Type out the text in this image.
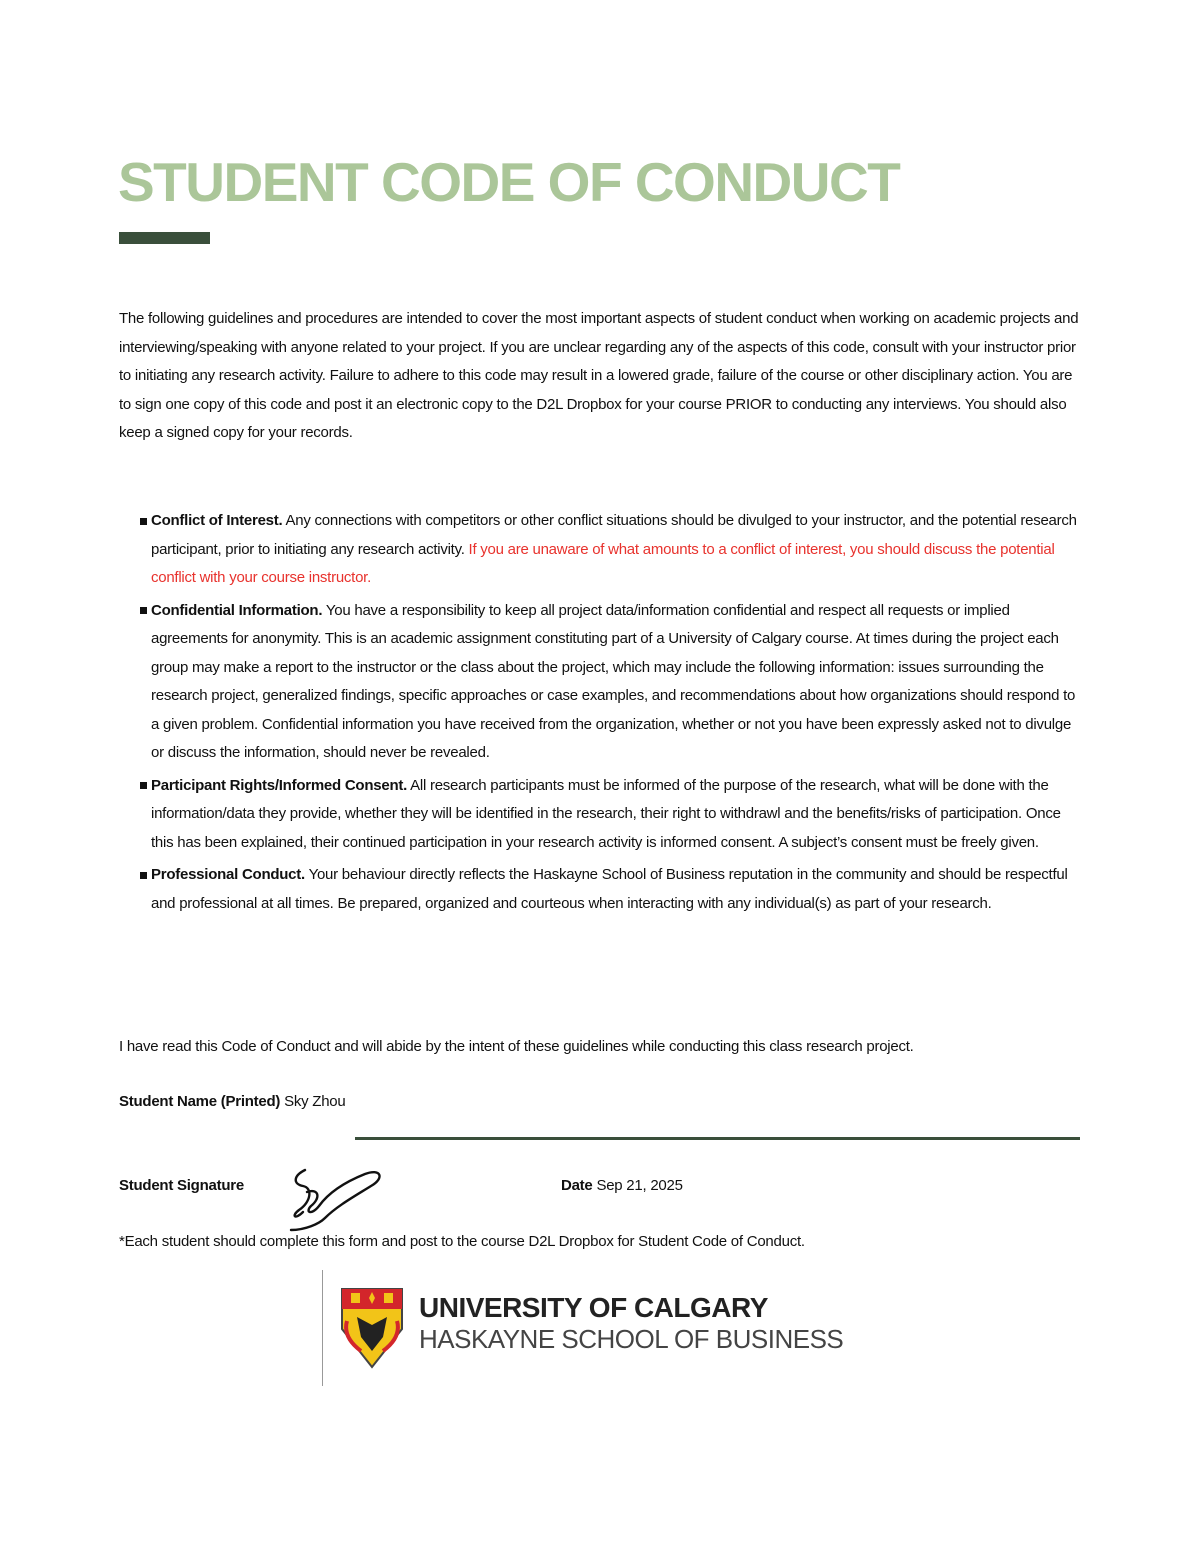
STUDENT CODE OF CONDUCT

The following guidelines and procedures are intended to cover the most important aspects of student conduct when working on academic projects and interviewing/speaking with anyone related to your project. If you are unclear regarding any of the aspects of this code, consult with your instructor prior to initiating any research activity. Failure to adhere to this code may result in a lowered grade, failure of the course or other disciplinary action. You are to sign one copy of this code and post it an electronic copy to the D2L Dropbox for your course PRIOR to conducting any interviews. You should also keep a signed copy for your records.

Conflict of Interest. Any connections with competitors or other conflict situations should be divulged to your instructor, and the potential research participant, prior to initiating any research activity. If you are unaware of what amounts to a conflict of interest, you should discuss the potential conflict with your course instructor.
Confidential Information. You have a responsibility to keep all project data/information confidential and respect all requests or implied agreements for anonymity. This is an academic assignment constituting part of a University of Calgary course. At times during the project each group may make a report to the instructor or the class about the project, which may include the following information: issues surrounding the research project, generalized findings, specific approaches or case examples, and recommendations about how organizations should respond to a given problem. Confidential information you have received from the organization, whether or not you have been expressly asked not to divulge or discuss the information, should never be revealed.
Participant Rights/Informed Consent. All research participants must be informed of the purpose of the research, what will be done with the information/data they provide, whether they will be identified in the research, their right to withdrawl and the benefits/risks of participation. Once this has been explained, their continued participation in your research activity is informed consent. A subject’s consent must be freely given.
Professional Conduct. Your behaviour directly reflects the Haskayne School of Business reputation in the community and should be respectful and professional at all times. Be prepared, organized and courteous when interacting with any individual(s) as part of your research.
I have read this Code of Conduct and will abide by the intent of these guidelines while conducting this class research project.
Student Name (Printed) Sky Zhou
Student Signature	Date Sep 21, 2025
*Each student should complete this form and post to the course D2L Dropbox for Student Code of Conduct.
UNIVERSITY OF CALGARY
HASKAYNE SCHOOL OF BUSINESS
